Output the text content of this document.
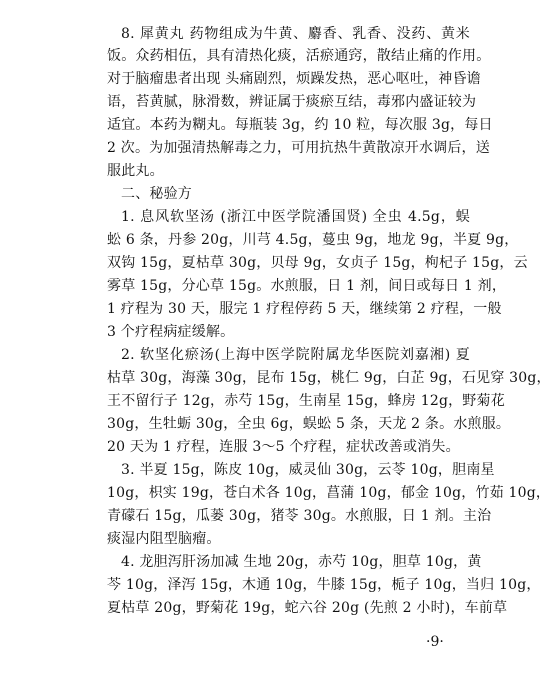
8. 犀黄丸 药物组成为牛黄、麝香、乳香、没药、黄米
饭。众药相伍，具有清热化痰，活瘀通窍，散结止痛的作用。
对于脑瘤患者出现 头痛剧烈，烦躁发热，恶心呕吐，神昏谵
语，苔黄腻，脉滑数，辨证属于痰瘀互结，毒邪内盛证较为
适宜。本药为糊丸。每瓶装 3g，约 10 粒，每次服 3g，每日
2 次。为加强清热解毒之力，可用抗热牛黄散凉开水调后，送
服此丸。
二、秘验方
1. 息风软坚汤 (浙江中医学院潘国贤) 全虫 4.5g，蜈
蚣 6 条，丹参 20g，川芎 4.5g，蔓虫 9g，地龙 9g，半夏 9g，
双钩 15g，夏枯草 30g，贝母 9g，女贞子 15g，枸杞子 15g，云
雾草 15g，分心草 15g。水煎服，日 1 剂，间日或每日 1 剂，
1 疗程为 30 天，服完 1 疗程停药 5 天，继续第 2 疗程，一般
3 个疗程病症缓解。
2. 软坚化瘀汤(上海中医学院附属龙华医院刘嘉湘) 夏
枯草 30g，海藻 30g，昆布 15g，桃仁 9g，白芷 9g，石见穿 30g，
王不留行子 12g，赤芍 15g，生南星 15g，蜂房 12g，野菊花
30g，生牡蛎 30g，全虫 6g，蜈蚣 5 条，天龙 2 条。水煎服。
20 天为 1 疗程，连服 3～5 个疗程，症状改善或消失。
3. 半夏 15g，陈皮 10g，威灵仙 30g，云苓 10g，胆南星
10g，枳实 19g，苍白术各 10g，菖蒲 10g，郁金 10g，竹茹 10g，
青礞石 15g，瓜蒌 30g，猪苓 30g。水煎服，日 1 剂。主治
痰湿内阻型脑瘤。
4. 龙胆泻肝汤加减 生地 20g，赤芍 10g，胆草 10g，黄
芩 10g，泽泻 15g，木通 10g，牛膝 15g，栀子 10g，当归 10g，
夏枯草 20g，野菊花 19g，蛇六谷 20g (先煎 2 小时)，车前草
·9·
